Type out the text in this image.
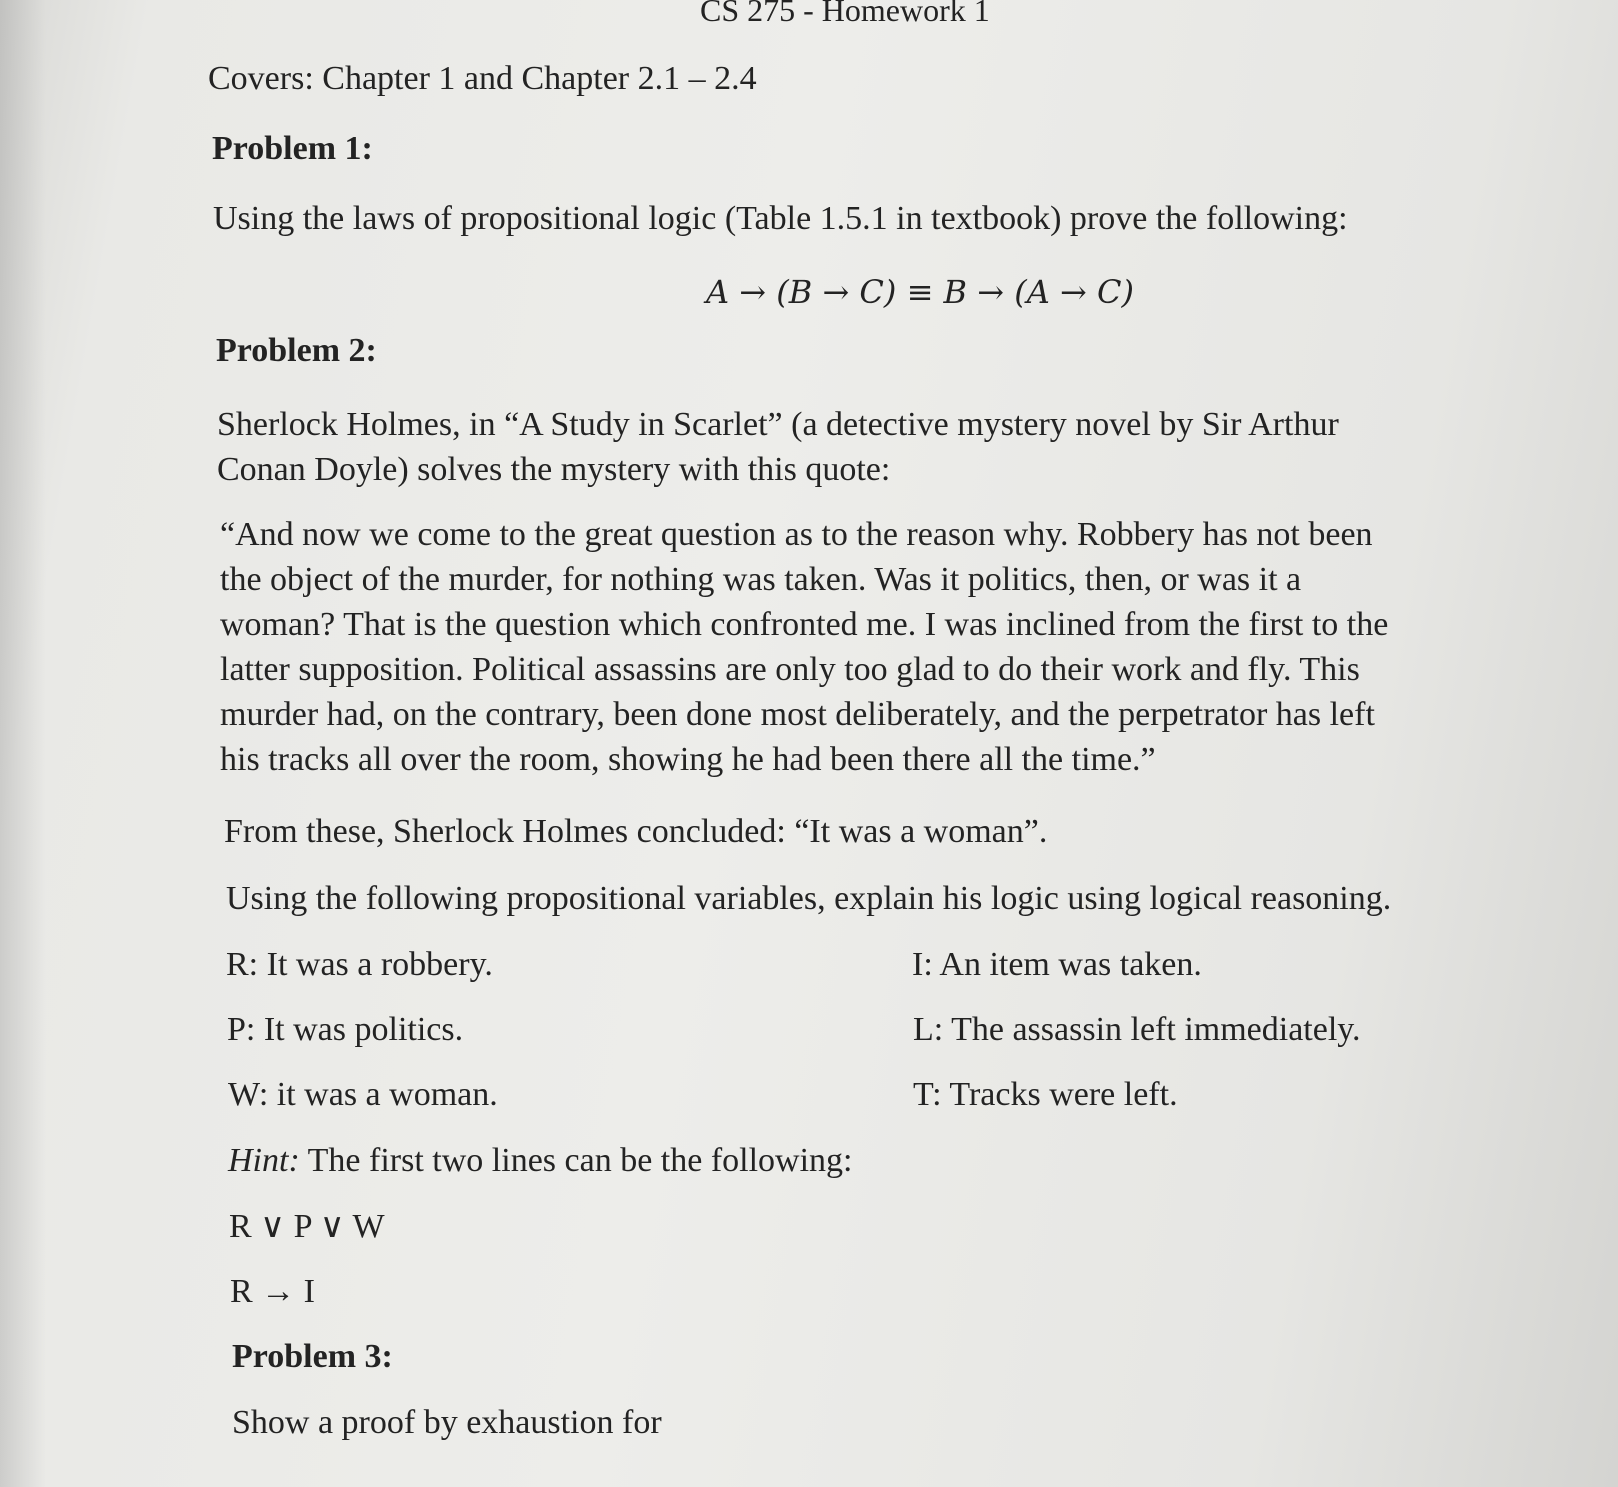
CS 275 - Homework 1

Covers: Chapter 1 and Chapter 2.1 – 2.4

Problem 1:

Using the laws of propositional logic (Table 1.5.1 in textbook) prove the following:

A → (B → C) ≡ B → (A → C)

Problem 2:

Sherlock Holmes, in “A Study in Scarlet” (a detective mystery novel by Sir Arthur
Conan Doyle) solves the mystery with this quote:
“And now we come to the great question as to the reason why. Robbery has not been
the object of the murder, for nothing was taken. Was it politics, then, or was it a
woman? That is the question which confronted me. I was inclined from the first to the
latter supposition. Political assassins are only too glad to do their work and fly. This
murder had, on the contrary, been done most deliberately, and the perpetrator has left
his tracks all over the room, showing he had been there all the time.”

From these, Sherlock Holmes concluded: “It was a woman”.

Using the following propositional variables, explain his logic using logical reasoning.

R: It was a robbery.

P: It was politics.

W: it was a woman.

I: An item was taken.

L: The assassin left immediately.

T: Tracks were left.

Hint: The first two lines can be the following:

R ∨ P ∨ W

R → I

Problem 3:

Show a proof by exhaustion for
